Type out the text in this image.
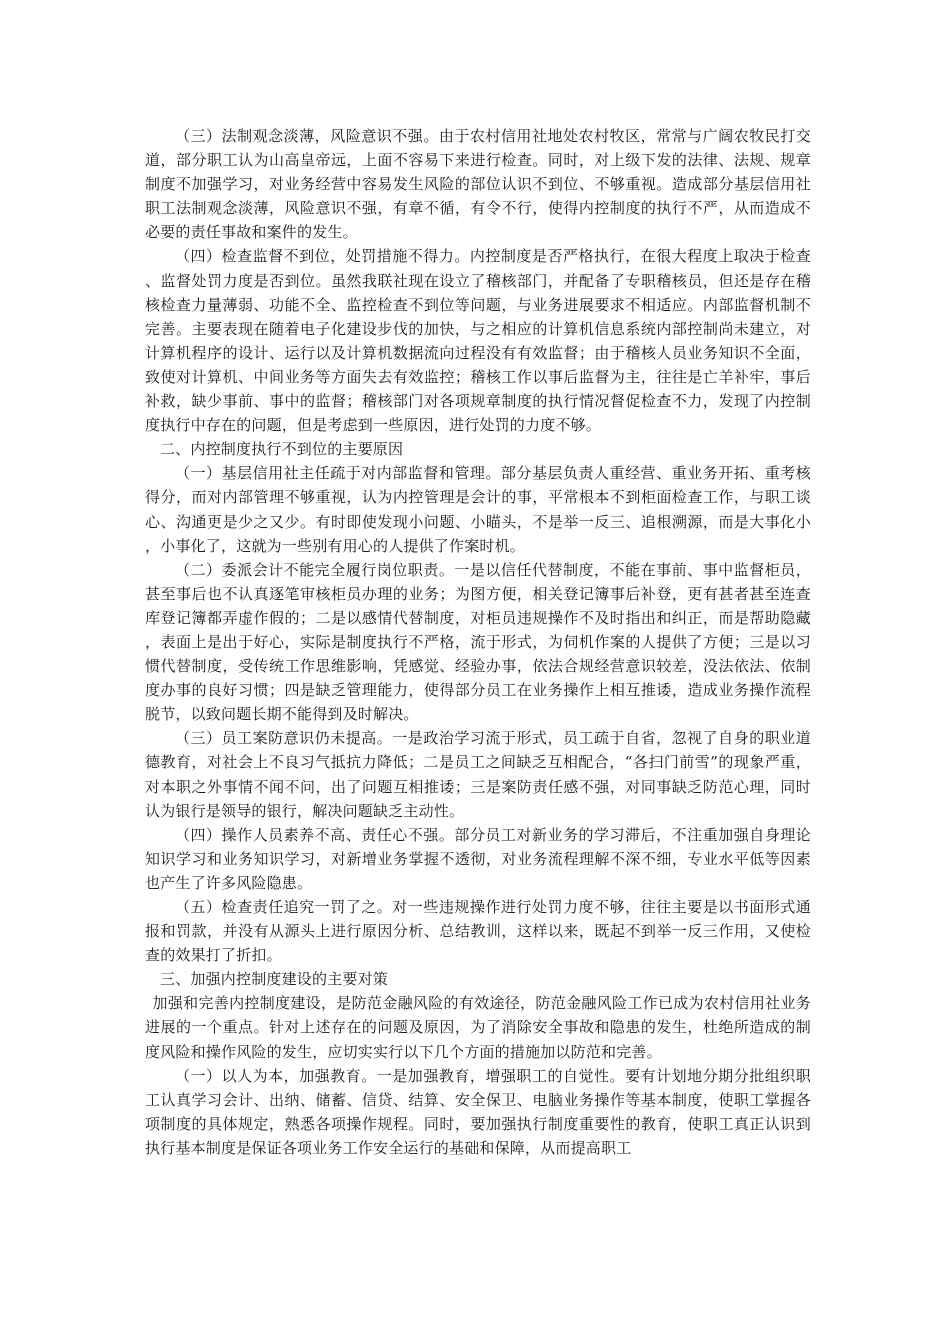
（三）法制观念淡薄，风险意识不强。由于农村信用社地处农村牧区，常常与广阔农牧民打交道，部分职工认为山高皇帝远，上面不容易下来进行检查。同时，对上级下发的法律、法规、规章制度不加强学习，对业务经营中容易发生风险的部位认识不到位、不够重视。造成部分基层信用社职工法制观念淡薄，风险意识不强，有章不循，有令不行，使得内控制度的执行不严，从而造成不必要的责任事故和案件的发生。

（四）检查监督不到位，处罚措施不得力。内控制度是否严格执行，在很大程度上取决于检查、监督处罚力度是否到位。虽然我联社现在设立了稽核部门，并配备了专职稽核员，但还是存在稽核检查力量薄弱、功能不全、监控检查不到位等问题，与业务进展要求不相适应。内部监督机制不完善。主要表现在随着电子化建设步伐的加快，与之相应的计算机信息系统内部控制尚未建立，对计算机程序的设计、运行以及计算机数据流向过程没有有效监督；由于稽核人员业务知识不全面，致使对计算机、中间业务等方面失去有效监控；稽核工作以事后监督为主，往往是亡羊补牢，事后补救，缺少事前、事中的监督；稽核部门对各项规章制度的执行情况督促检查不力，发现了内控制度执行中存在的问题，但是考虑到一些原因，进行处罚的力度不够。

二、内控制度执行不到位的主要原因

（一）基层信用社主任疏于对内部监督和管理。部分基层负责人重经营、重业务开拓、重考核得分，而对内部管理不够重视，认为内控管理是会计的事，平常根本不到柜面检查工作，与职工谈心、沟通更是少之又少。有时即使发现小问题、小瞄头，不是举一反三、追根溯源，而是大事化小，小事化了，这就为一些别有用心的人提供了作案时机。

（二）委派会计不能完全履行岗位职责。一是以信任代替制度，不能在事前、事中监督柜员，甚至事后也不认真逐笔审核柜员办理的业务；为图方便，相关登记簿事后补登，更有甚者甚至连查库登记簿都弄虚作假的；二是以感情代替制度，对柜员违规操作不及时指出和纠正，而是帮助隐藏，表面上是出于好心，实际是制度执行不严格，流于形式，为伺机作案的人提供了方便；三是以习惯代替制度，受传统工作思维影响，凭感觉、经验办事，依法合规经营意识较差，没法依法、依制度办事的良好习惯；四是缺乏管理能力，使得部分员工在业务操作上相互推诿，造成业务操作流程脱节，以致问题长期不能得到及时解决。

（三）员工案防意识仍未提高。一是政治学习流于形式，员工疏于自省，忽视了自身的职业道德教育，对社会上不良习气抵抗力降低；二是员工之间缺乏互相配合，“各扫门前雪”的现象严重，对本职之外事情不闻不问，出了问题互相推诿；三是案防责任感不强，对同事缺乏防范心理，同时认为银行是领导的银行，解决问题缺乏主动性。

（四）操作人员素养不高、责任心不强。部分员工对新业务的学习滞后，不注重加强自身理论知识学习和业务知识学习，对新增业务掌握不透彻，对业务流程理解不深不细，专业水平低等因素也产生了许多风险隐患。

（五）检查责任追究一罚了之。对一些违规操作进行处罚力度不够，往往主要是以书面形式通报和罚款，并没有从源头上进行原因分析、总结教训，这样以来，既起不到举一反三作用，又使检查的效果打了折扣。

三、加强内控制度建设的主要对策

加强和完善内控制度建设，是防范金融风险的有效途径，防范金融风险工作已成为农村信用社业务进展的一个重点。针对上述存在的问题及原因，为了消除安全事故和隐患的发生，杜绝所造成的制度风险和操作风险的发生，应切实实行以下几个方面的措施加以防范和完善。

（一）以人为本，加强教育。一是加强教育，增强职工的自觉性。要有计划地分期分批组织职工认真学习会计、出纳、储蓄、信贷、结算、安全保卫、电脑业务操作等基本制度，使职工掌握各项制度的具体规定，熟悉各项操作规程。同时，要加强执行制度重要性的教育，使职工真正认识到执行基本制度是保证各项业务工作安全运行的基础和保障，从而提高职工
